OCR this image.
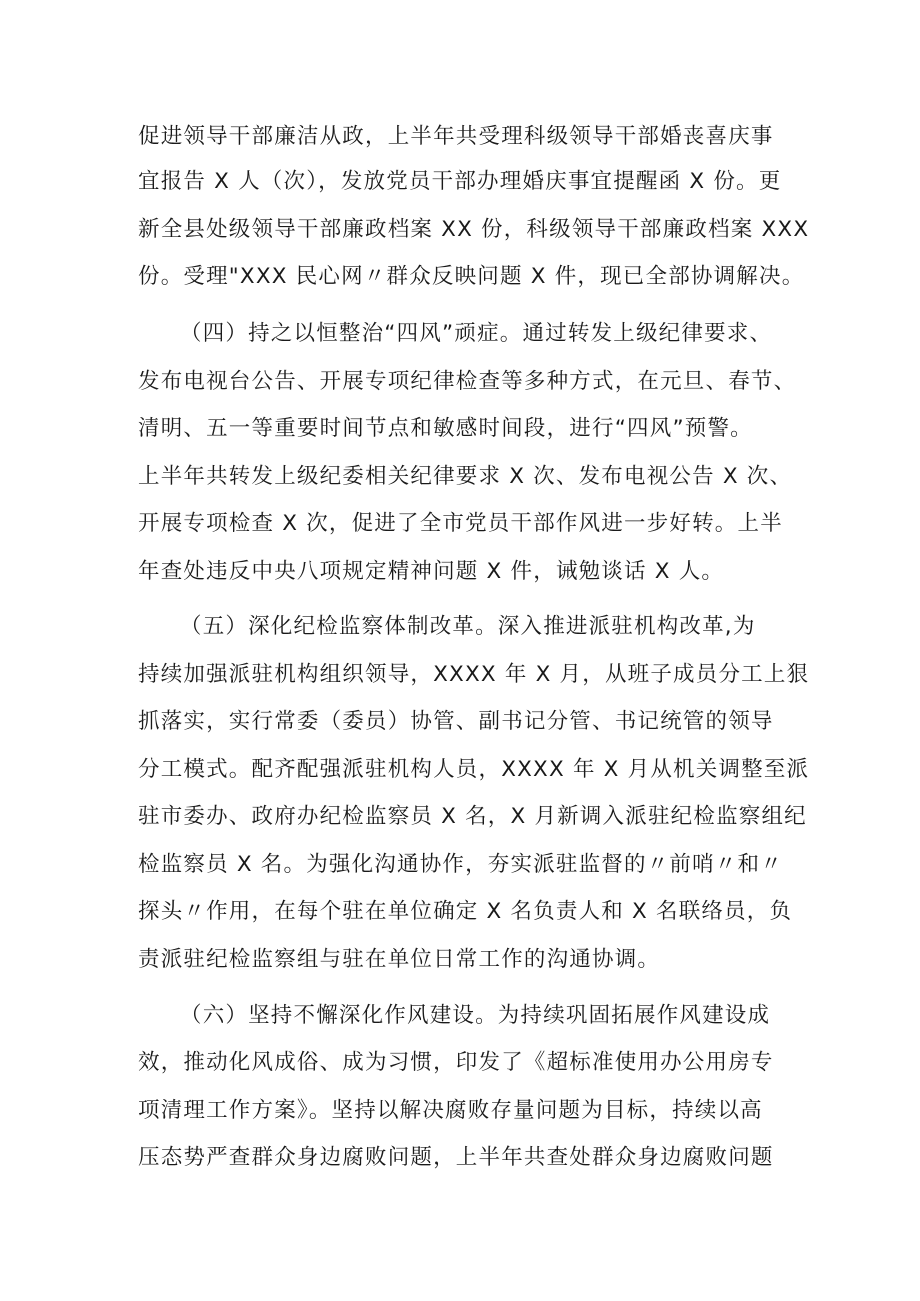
促进领导干部廉洁从政，上半年共受理科级领导干部婚丧喜庆事
宜报告 X 人（次），发放党员干部办理婚庆事宜提醒函 X 份。更
新全县处级领导干部廉政档案 XX 份，科级领导干部廉政档案 XXX
份。受理"XXX 民心网〃群众反映问题 X 件，现已全部协调解决。
（四）持之以恒整治“四风”顽症。通过转发上级纪律要求、
发布电视台公告、开展专项纪律检查等多种方式，在元旦、春节、
清明、五一等重要时间节点和敏感时间段，进行“四风”预警。
上半年共转发上级纪委相关纪律要求 X 次、发布电视公告 X 次、
开展专项检查 X 次，促进了全市党员干部作风进一步好转。上半
年查处违反中央八项规定精神问题 X 件，诫勉谈话 X 人。
（五）深化纪检监察体制改革。深入推进派驻机构改革,为
持续加强派驻机构组织领导，XXXX 年 X 月，从班子成员分工上狠
抓落实，实行常委（委员）协管、副书记分管、书记统管的领导
分工模式。配齐配强派驻机构人员，XXXX 年 X 月从机关调整至派
驻市委办、政府办纪检监察员 X 名，X 月新调入派驻纪检监察组纪
检监察员 X 名。为强化沟通协作，夯实派驻监督的〃前哨〃和〃
探头〃作用，在每个驻在单位确定 X 名负责人和 X 名联络员，负
责派驻纪检监察组与驻在单位日常工作的沟通协调。
（六）坚持不懈深化作风建设。为持续巩固拓展作风建设成
效，推动化风成俗、成为习惯，印发了《超标准使用办公用房专
项清理工作方案》。坚持以解决腐败存量问题为目标，持续以高
压态势严查群众身边腐败问题，上半年共查处群众身边腐败问题
